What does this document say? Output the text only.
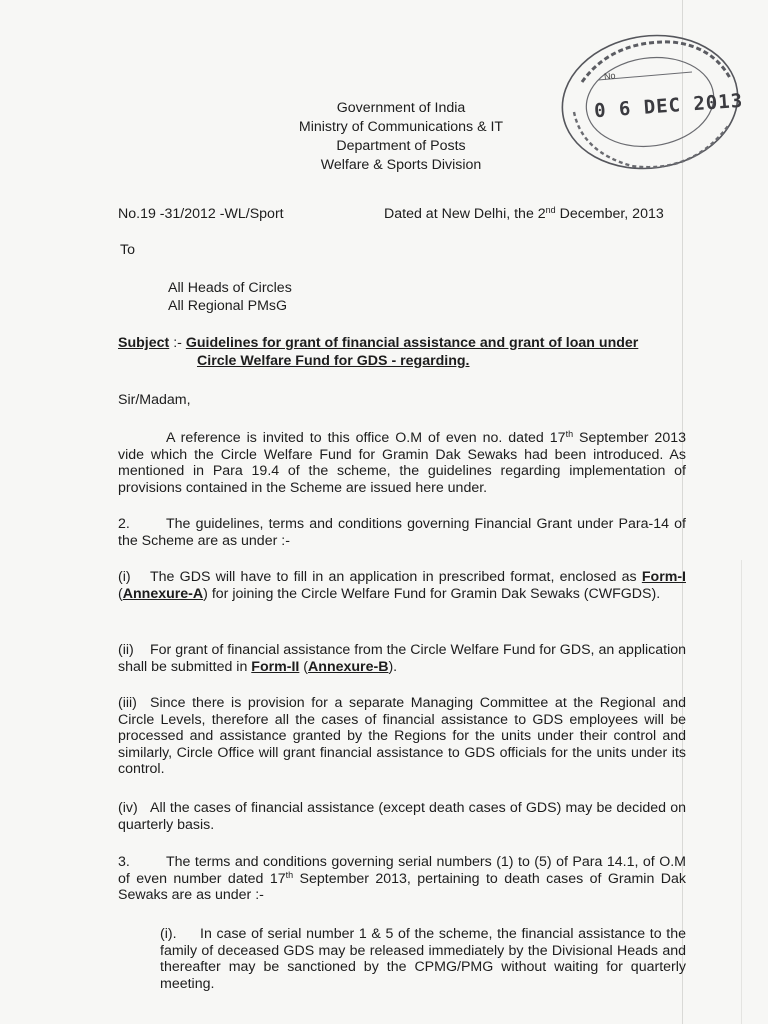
Government of India
Ministry of Communications & IT
Department of Posts
Welfare & Sports Division
No
0 6 DEC 2013
No.19 -31/2012 -WL/Sport	Dated at New Delhi, the 2nd December, 2013
To
All Heads of Circles
All Regional PMsG
Subject :- Guidelines for grant of financial assistance and grant of loan under
Circle Welfare Fund for GDS - regarding.
Sir/Madam,
A reference is invited to this office O.M of even no. dated 17th September 2013 vide which the Circle Welfare Fund for Gramin Dak Sewaks had been introduced. As mentioned in Para 19.4 of the scheme, the guidelines regarding implementation of provisions contained in the Scheme are issued here under.
2.	The guidelines, terms and conditions governing Financial Grant under Para-14 of the Scheme are as under :-
(i) The GDS will have to fill in an application in prescribed format, enclosed as Form-I (Annexure-A) for joining the Circle Welfare Fund for Gramin Dak Sewaks (CWFGDS).
(ii) For grant of financial assistance from the Circle Welfare Fund for GDS, an application shall be submitted in Form-II (Annexure-B).
(iii) Since there is provision for a separate Managing Committee at the Regional and Circle Levels, therefore all the cases of financial assistance to GDS employees will be processed and assistance granted by the Regions for the units under their control and similarly, Circle Office will grant financial assistance to GDS officials for the units under its control.
(iv) All the cases of financial assistance (except death cases of GDS) may be decided on quarterly basis.
3.	The terms and conditions governing serial numbers (1) to (5) of Para 14.1, of O.M of even number dated 17th September 2013, pertaining to death cases of Gramin Dak Sewaks are as under :-
(i). In case of serial number 1 & 5 of the scheme, the financial assistance to the family of deceased GDS may be released immediately by the Divisional Heads and thereafter may be sanctioned by the CPMG/PMG without waiting for quarterly meeting.
